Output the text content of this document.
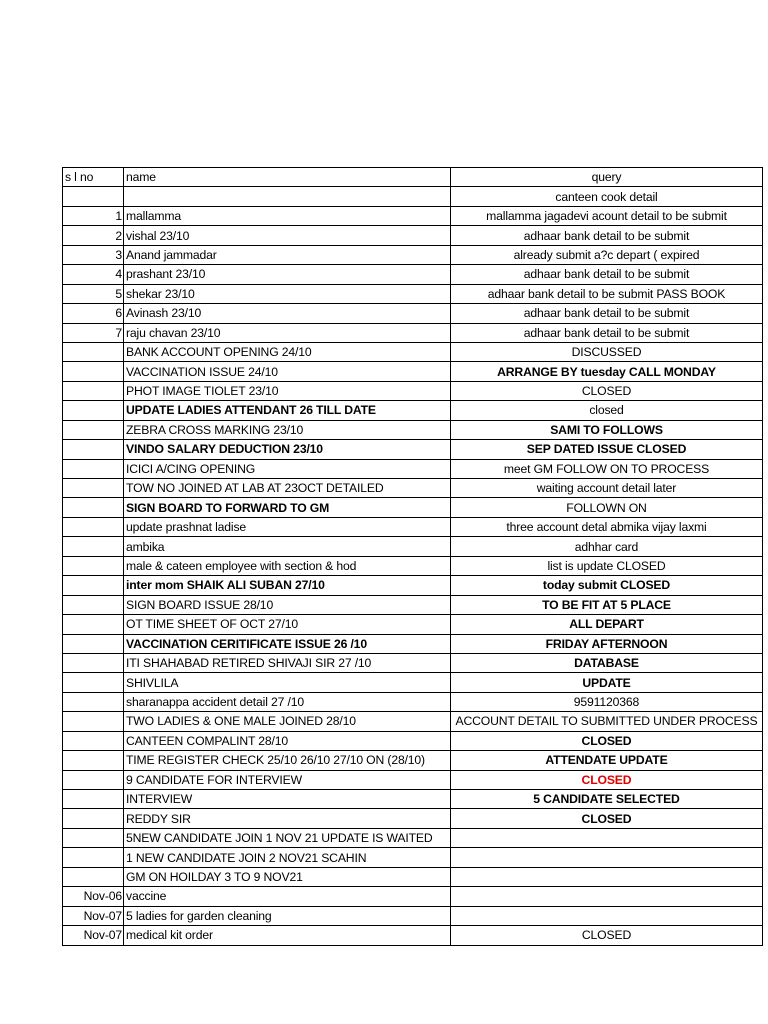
s l no	name	query
		canteen cook detail
1	mallamma	mallamma jagadevi acount detail to be submit
2	vishal 23/10	adhaar bank detail to be submit
3	Anand jammadar	already submit a?c depart ( expired
4	prashant 23/10	adhaar bank detail to be submit
5	shekar 23/10	adhaar bank detail to be submit PASS BOOK
6	Avinash 23/10	adhaar bank detail to be submit
7	raju chavan 23/10	adhaar bank detail to be submit
	BANK ACCOUNT OPENING 24/10	DISCUSSED
	VACCINATION ISSUE 24/10	ARRANGE BY tuesday CALL MONDAY
	PHOT IMAGE TIOLET 23/10	CLOSED
	UPDATE LADIES ATTENDANT 26 TILL DATE	closed
	ZEBRA CROSS MARKING 23/10	SAMI TO FOLLOWS
	VINDO SALARY DEDUCTION 23/10	SEP DATED ISSUE CLOSED
	ICICI A/CING OPENING	meet GM FOLLOW ON TO PROCESS
	TOW NO JOINED AT LAB AT 23OCT DETAILED	waiting account detail later
	SIGN BOARD TO FORWARD TO GM	FOLLOWN ON
	update prashnat ladise	three account detal abmika vijay laxmi
	ambika	adhhar card
	male & cateen employee with section & hod	list is update CLOSED
	inter mom SHAIK ALI SUBAN 27/10	today submit CLOSED
	SIGN BOARD ISSUE 28/10	TO BE FIT AT 5 PLACE
	OT TIME SHEET OF OCT 27/10	ALL DEPART
	VACCINATION CERITIFICATE ISSUE 26 /10	FRIDAY AFTERNOON
	ITI SHAHABAD RETIRED SHIVAJI SIR 27 /10	DATABASE
	SHIVLILA	UPDATE
	sharanappa accident detail 27 /10	9591120368
	TWO LADIES & ONE MALE JOINED 28/10	ACCOUNT DETAIL TO SUBMITTED UNDER PROCESS
	CANTEEN COMPALINT 28/10	CLOSED
	TIME REGISTER CHECK 25/10 26/10 27/10 ON (28/10)	ATTENDATE UPDATE
	9 CANDIDATE FOR INTERVIEW	CLOSED
	INTERVIEW	5 CANDIDATE SELECTED
	REDDY SIR	CLOSED
	5NEW CANDIDATE JOIN 1 NOV 21 UPDATE IS WAITED	
	1 NEW CANDIDATE JOIN 2 NOV21 SCAHIN	
	GM ON HOILDAY 3 TO 9 NOV21	
Nov-06	vaccine	
Nov-07	5 ladies for garden cleaning	
Nov-07	medical kit order	CLOSED
